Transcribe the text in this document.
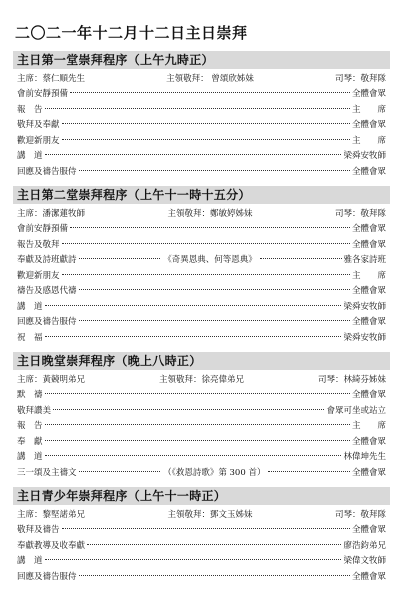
二〇二一年十二月十二日主日崇拜
主日第一堂崇拜程序（上午九時正）
主席：蔡仁順先生	主領敬拜： 曾頌欣姊妹	司琴：敬拜隊
會前安靜預備	全體會眾
報　告	主　　席
敬拜及奉獻	全體會眾
歡迎新朋友	主　　席
講　道	梁舜安牧師
回應及禱告服侍	全體會眾
主日第二堂崇拜程序（上午十一時十五分）
主席：潘潔蓮牧師	主領敬拜：鄭敏婷姊妹	司琴：敬拜隊
會前安靜預備	全體會眾
報告及敬拜	全體會眾
奉獻及詩班獻詩	《奇異恩典、何等恩典》	雅各家詩班
歡迎新朋友	主　　席
禱告及感恩代禱	全體會眾
講　道	梁舜安牧師
回應及禱告服侍	全體會眾
祝　福	梁舜安牧師
主日晚堂崇拜程序（晚上八時正）
主席：黃競明弟兄	主領敬拜：徐亮偉弟兄	司琴：林綺芬姊妹
默　禱	全體會眾
敬拜讚美	會眾可坐或站立
報　告	主　　席
奉　獻	全體會眾
講　道	林偉坤先生
三一頌及主禱文	（《救恩詩歌》第 300 首）	全體會眾
主日青少年崇拜程序（上午十一時正）
主席：黎堅諾弟兄	主領敬拜：鄧文玉姊妹	司琴：敬拜隊
敬拜及禱告	全體會眾
奉獻教導及收奉獻	廖浩鈞弟兄
講　道	梁偉文牧師
回應及禱告服侍	全體會眾
